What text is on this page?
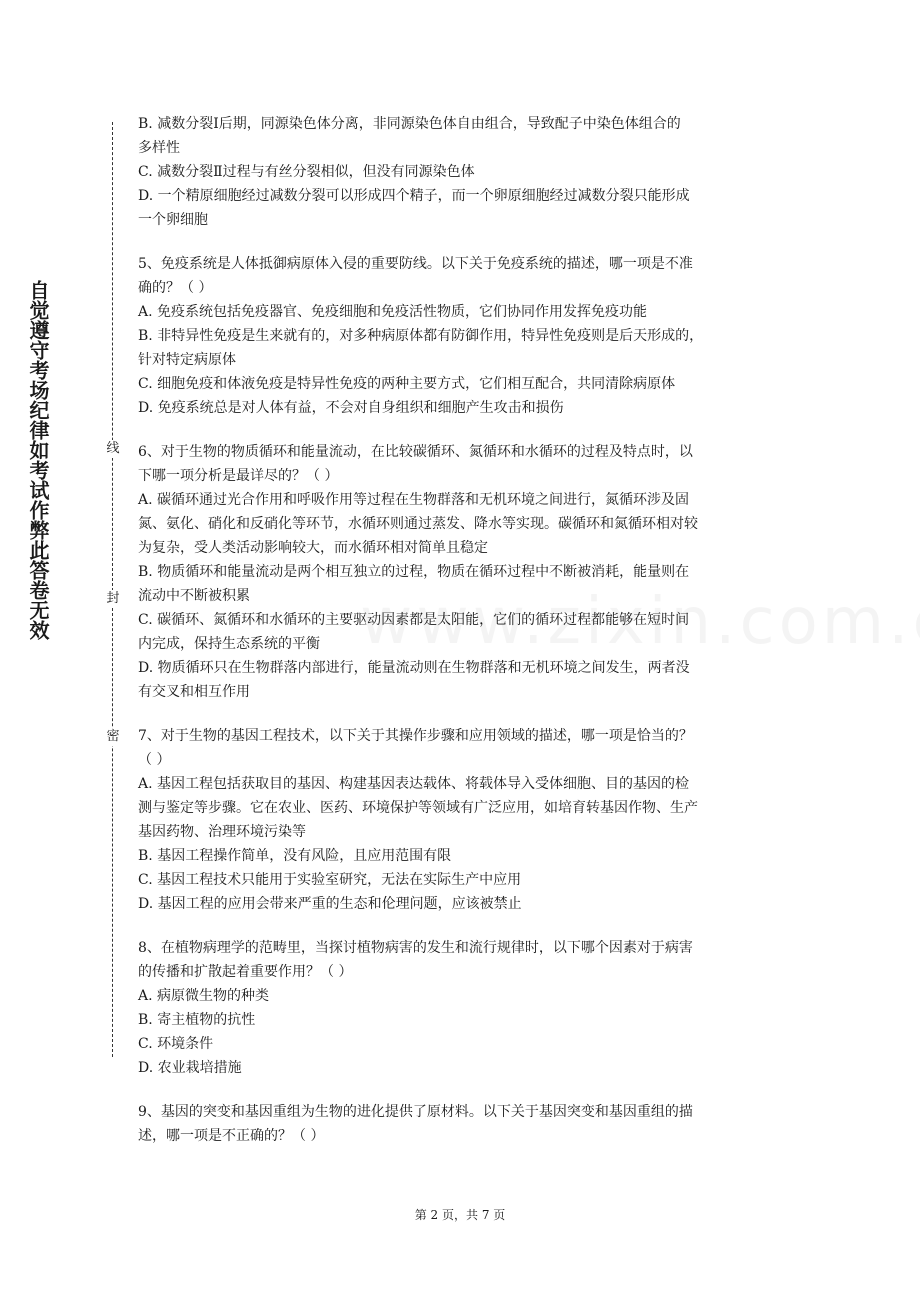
自觉遵守考场纪律如考试作弊此答卷无效	线
封
密
B. 减数分裂Ⅰ后期，同源染色体分离，非同源染色体自由组合，导致配子中染色体组合的
多样性
C. 减数分裂Ⅱ过程与有丝分裂相似，但没有同源染色体
D. 一个精原细胞经过减数分裂可以形成四个精子，而一个卵原细胞经过减数分裂只能形成
一个卵细胞
5、免疫系统是人体抵御病原体入侵的重要防线。以下关于免疫系统的描述，哪一项是不准
确的？（ ）
A. 免疫系统包括免疫器官、免疫细胞和免疫活性物质，它们协同作用发挥免疫功能
B. 非特异性免疫是生来就有的，对多种病原体都有防御作用，特异性免疫则是后天形成的，
针对特定病原体
C. 细胞免疫和体液免疫是特异性免疫的两种主要方式，它们相互配合，共同清除病原体
D. 免疫系统总是对人体有益，不会对自身组织和细胞产生攻击和损伤
6、对于生物的物质循环和能量流动，在比较碳循环、氮循环和水循环的过程及特点时，以
下哪一项分析是最详尽的？（ ）
A. 碳循环通过光合作用和呼吸作用等过程在生物群落和无机环境之间进行，氮循环涉及固
氮、氨化、硝化和反硝化等环节，水循环则通过蒸发、降水等实现。碳循环和氮循环相对较
为复杂，受人类活动影响较大，而水循环相对简单且稳定
B. 物质循环和能量流动是两个相互独立的过程，物质在循环过程中不断被消耗，能量则在
流动中不断被积累
C. 碳循环、氮循环和水循环的主要驱动因素都是太阳能，它们的循环过程都能够在短时间
内完成，保持生态系统的平衡
D. 物质循环只在生物群落内部进行，能量流动则在生物群落和无机环境之间发生，两者没
有交叉和相互作用
7、对于生物的基因工程技术，以下关于其操作步骤和应用领域的描述，哪一项是恰当的？
（ ）
A. 基因工程包括获取目的基因、构建基因表达载体、将载体导入受体细胞、目的基因的检
测与鉴定等步骤。它在农业、医药、环境保护等领域有广泛应用，如培育转基因作物、生产
基因药物、治理环境污染等
B. 基因工程操作简单，没有风险，且应用范围有限
C. 基因工程技术只能用于实验室研究，无法在实际生产中应用
D. 基因工程的应用会带来严重的生态和伦理问题，应该被禁止
8、在植物病理学的范畴里，当探讨植物病害的发生和流行规律时，以下哪个因素对于病害
的传播和扩散起着重要作用？（ ）
A. 病原微生物的种类
B. 寄主植物的抗性
C. 环境条件
D. 农业栽培措施
9、基因的突变和基因重组为生物的进化提供了原材料。以下关于基因突变和基因重组的描
述，哪一项是不正确的？（ ）
第 2 页，共 7 页
